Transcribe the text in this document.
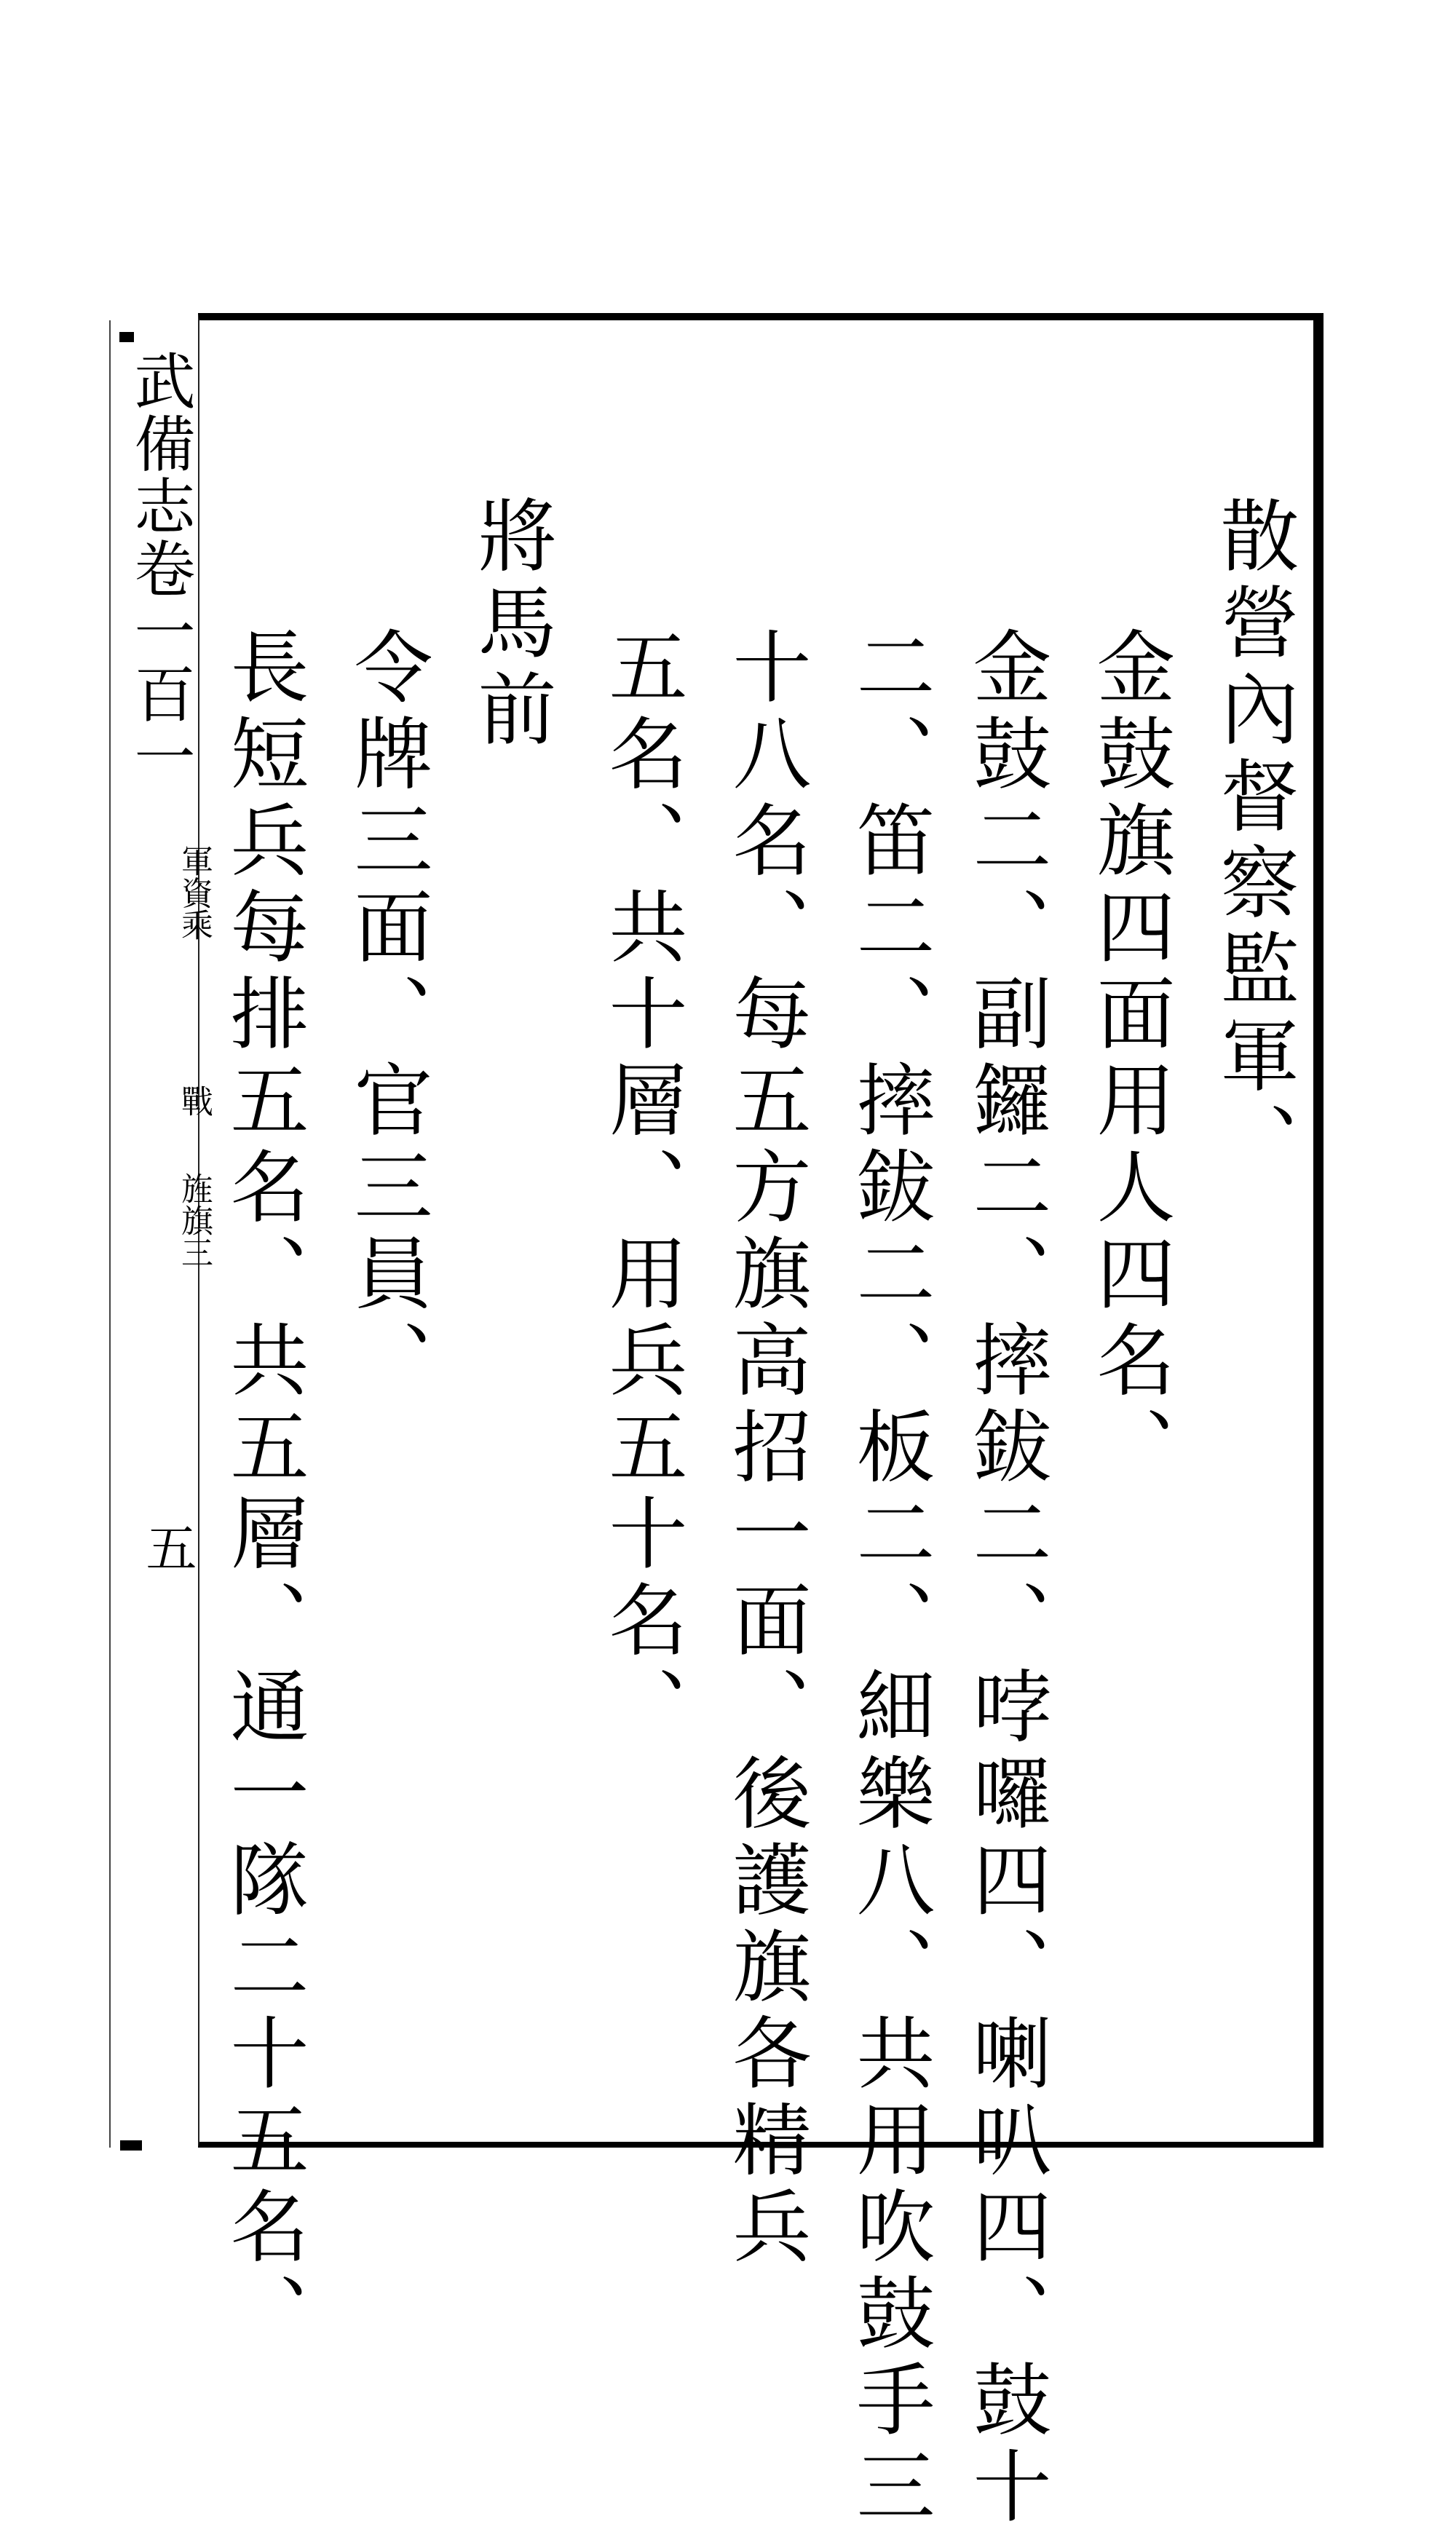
武備志卷一百一
軍資乘
戰
旌旗三
五
散營內督察監軍、
金鼓旗四面用人四名、
金鼓二、副鑼二、摔鈸二、哱囉四、喇叭四、鼓十
二、笛二、摔鈸二、板二、細樂八、共用吹鼓手三
十八名、每五方旗高招一面、後護旗各精兵
五名、共十層、用兵五十名、
將馬前
令牌三面、官三員、
長短兵每排五名、共五層、通一隊二十五名、
